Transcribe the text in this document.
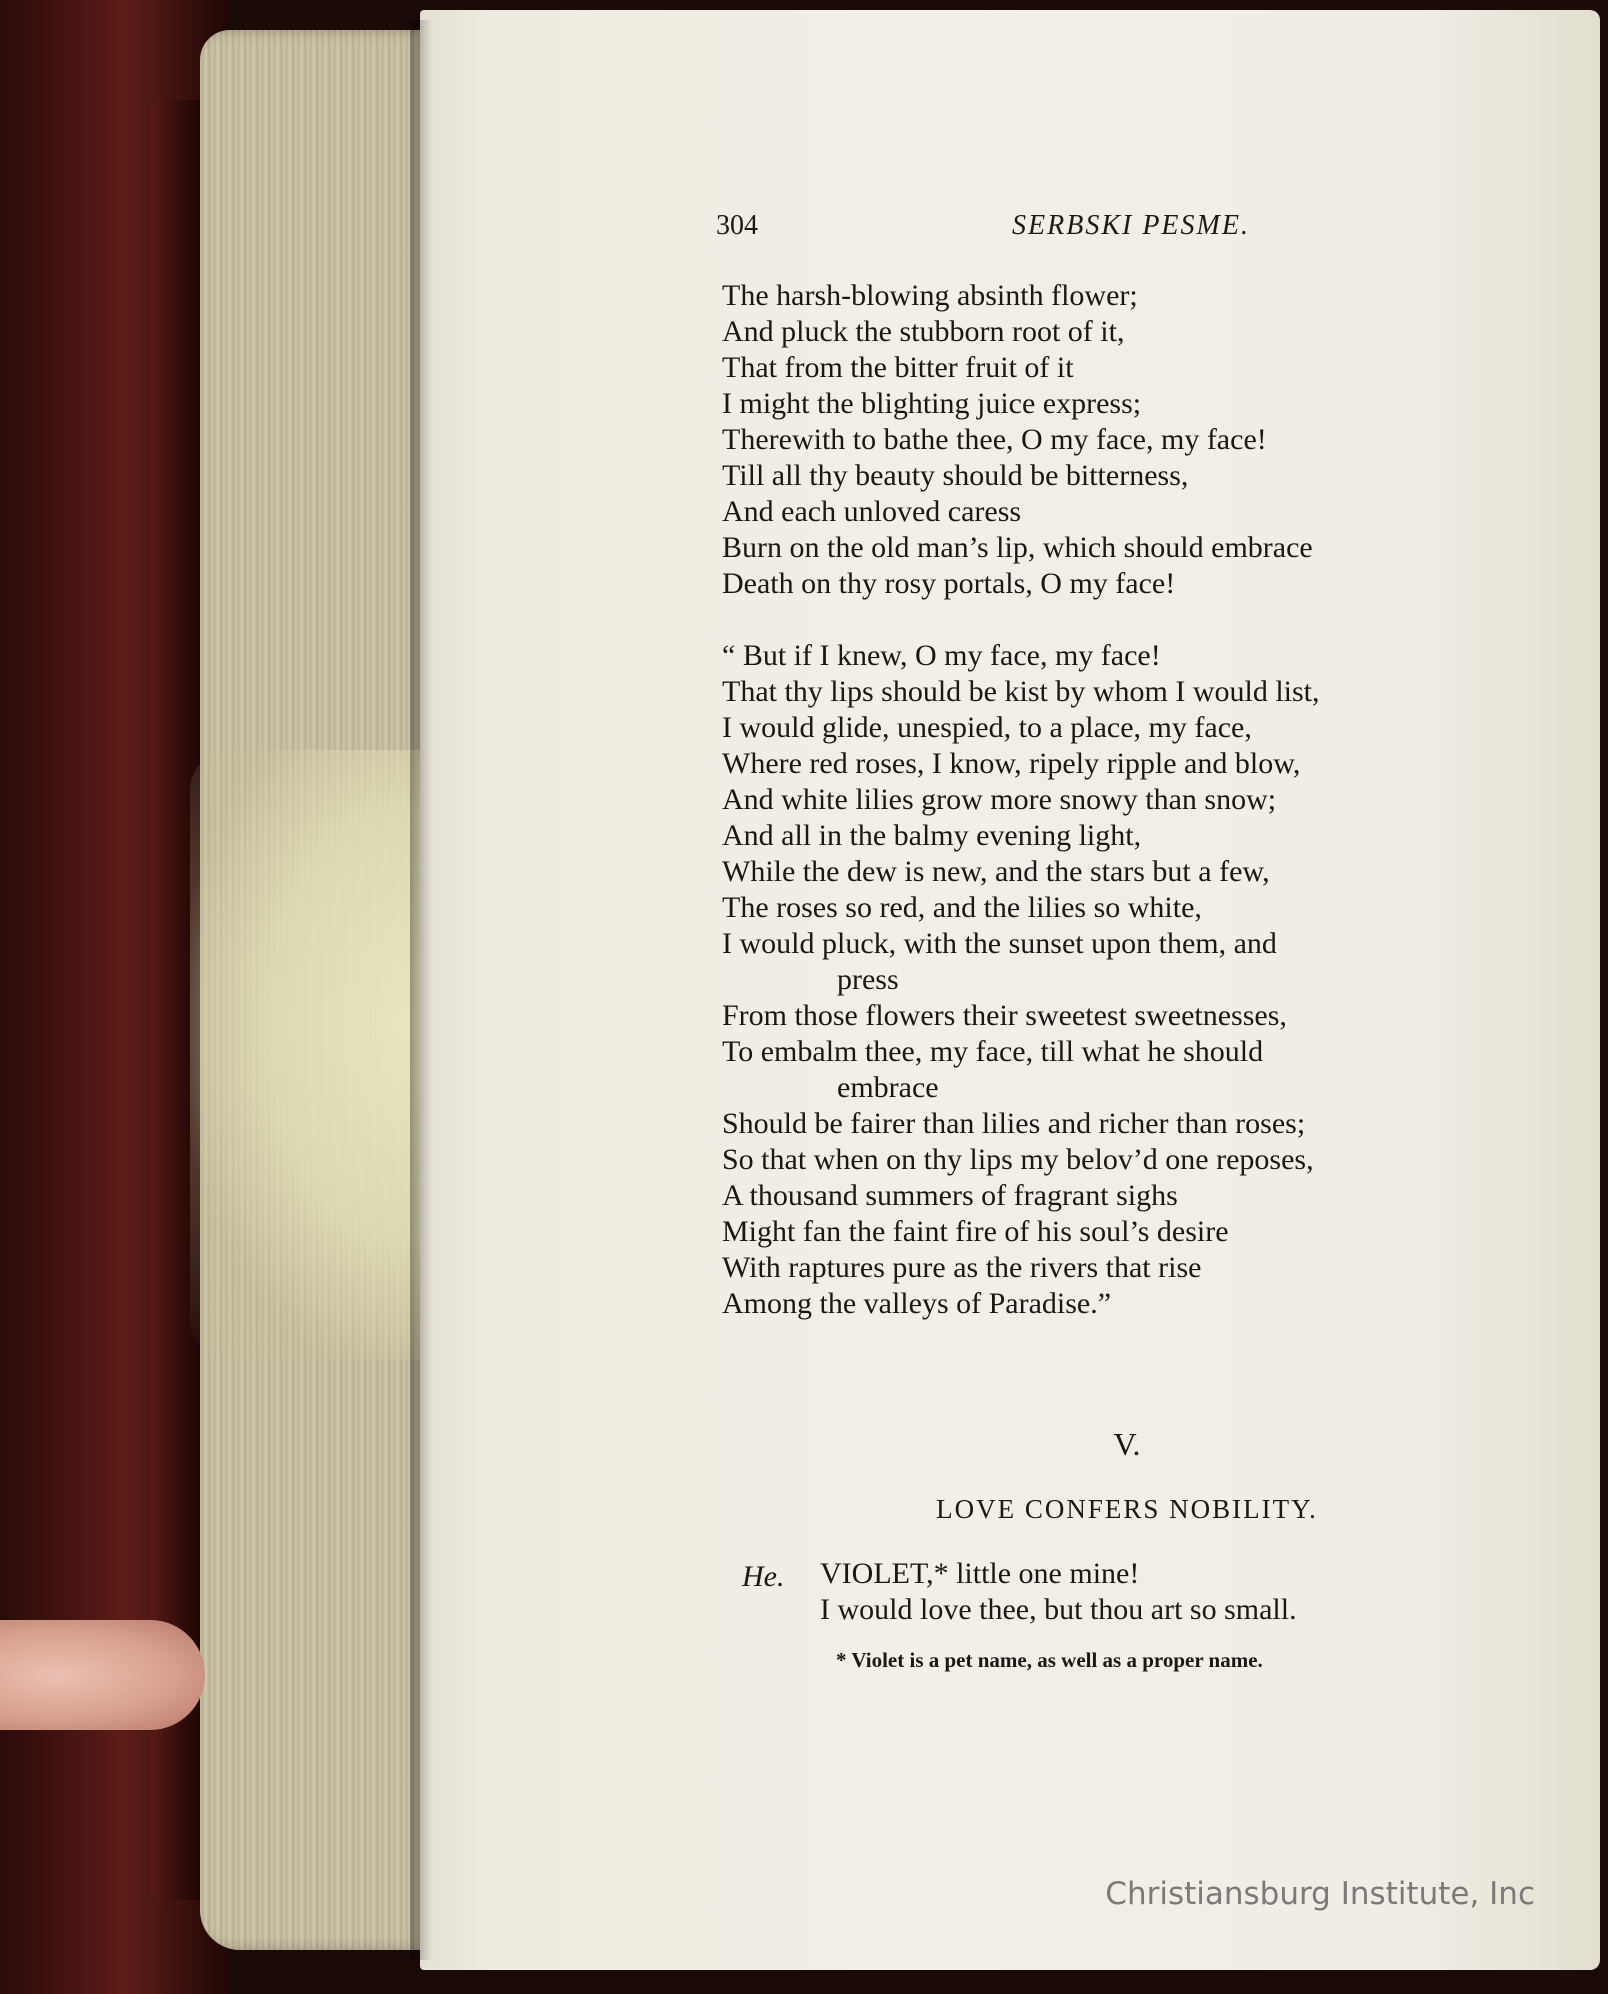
304	SERBSKI PESME.
The harsh-blowing absinth flower;
And pluck the stubborn root of it,
That from the bitter fruit of it
I might the blighting juice express;
Therewith to bathe thee, O my face, my face!
Till all thy beauty should be bitterness,
And each unloved caress
Burn on the old man’s lip, which should embrace
Death on thy rosy portals, O my face!
“ But if I knew, O my face, my face!
That thy lips should be kist by whom I would list,
I would glide, unespied, to a place, my face,
Where red roses, I know, ripely ripple and blow,
And white lilies grow more snowy than snow;
And all in the balmy evening light,
While the dew is new, and the stars but a few,
The roses so red, and the lilies so white,
I would pluck, with the sunset upon them, and
press
From those flowers their sweetest sweetnesses,
To embalm thee, my face, till what he should
embrace
Should be fairer than lilies and richer than roses;
So that when on thy lips my belov’d one reposes,
A thousand summers of fragrant sighs
Might fan the faint fire of his soul’s desire
With raptures pure as the rivers that rise
Among the valleys of Paradise.”
V.
LOVE CONFERS NOBILITY.
He. VIOLET,* little one mine!
I would love thee, but thou art so small.
* Violet is a pet name, as well as a proper name.
Christiansburg Institute, Inc
